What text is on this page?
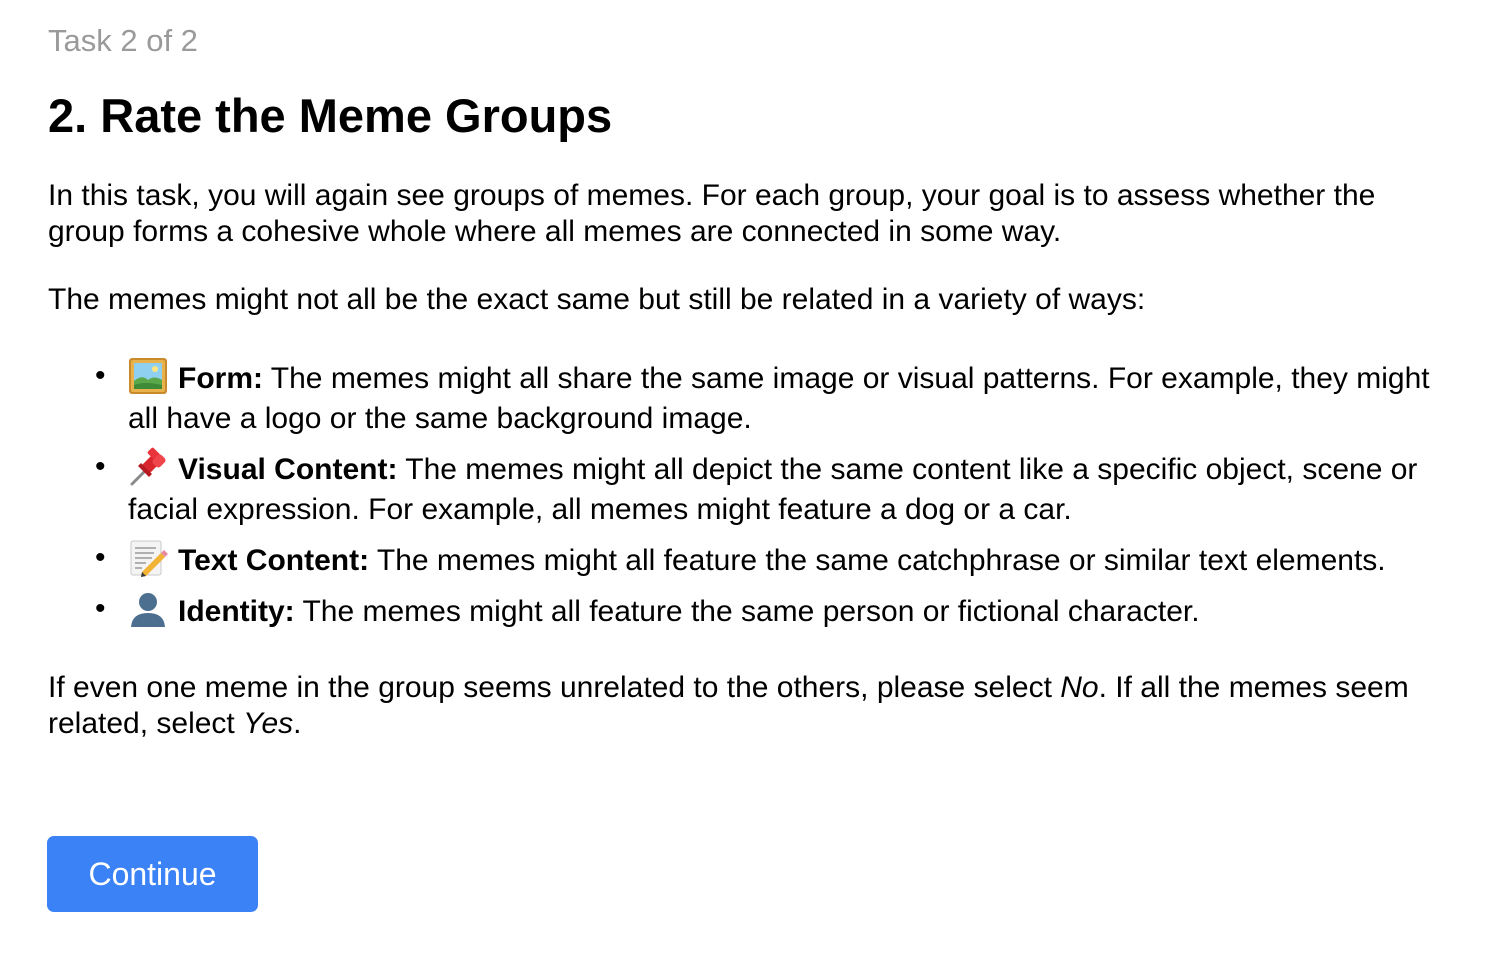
Task 2 of 2

2. Rate the Meme Groups

In this task, you will again see groups of memes. For each group, your goal is to assess whether the group forms a cohesive whole where all memes are connected in some way.

The memes might not all be the exact same but still be related in a variety of ways:

• Form: The memes might all share the same image or visual patterns. For example, they might all have a logo or the same background image.
• Visual Content: The memes might all depict the same content like a specific object, scene or facial expression. For example, all memes might feature a dog or a car.
• Text Content: The memes might all feature the same catchphrase or similar text elements.
• Identity: The memes might all feature the same person or fictional character.

If even one meme in the group seems unrelated to the others, please select No. If all the memes seem related, select Yes.

Continue
